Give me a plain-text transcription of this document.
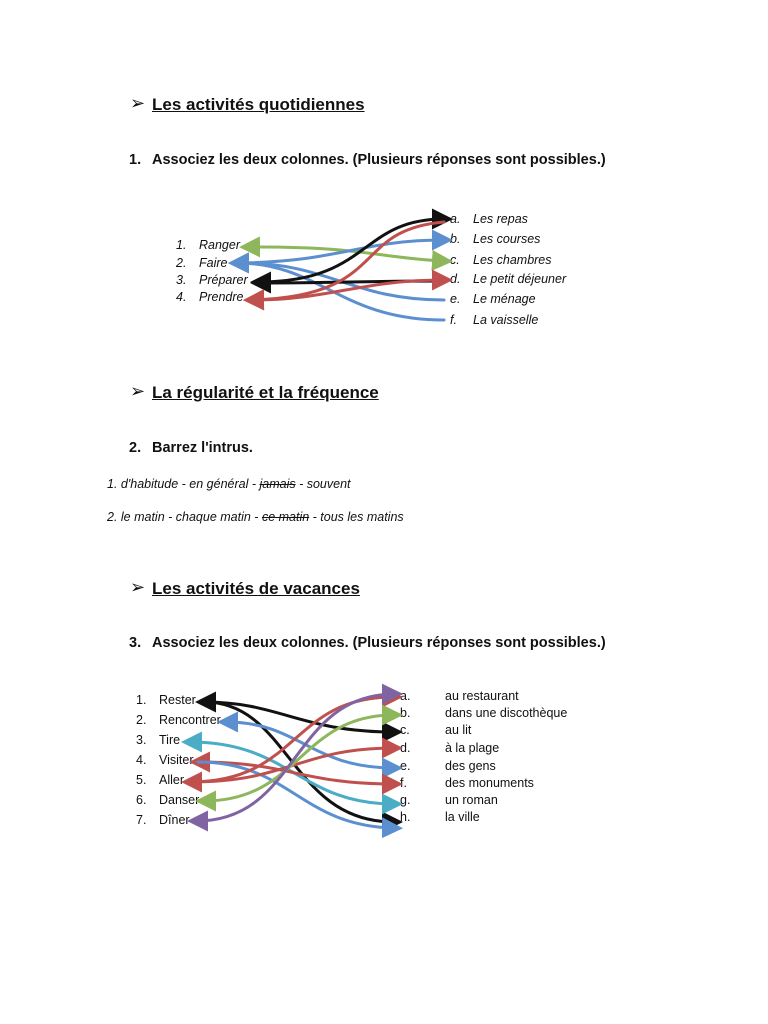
➢ Les activités quotidiennes
1. Associez les deux colonnes. (Plusieurs réponses sont possibles.)
1. Ranger
2. Faire
3. Préparer
4. Prendre
a. Les repas
b. Les courses
c. Les chambres
d. Le petit déjeuner
e. Le ménage
f. La vaisselle
➢ La régularité et la fréquence
2. Barrez l'intrus.
1. d'habitude - en général - jamais - souvent
2. le matin - chaque matin - ce matin - tous les matins
➢ Les activités de vacances
3. Associez les deux colonnes. (Plusieurs réponses sont possibles.)
1. Rester
2. Rencontrer
3. Tire
4. Visiter
5. Aller
6. Danser
7. Dîner
a.	au restaurant
b.	dans une discothèque
c.	au lit
d.	à la plage
e.	des gens
f.	des monuments
g.	un roman
h.	la ville
